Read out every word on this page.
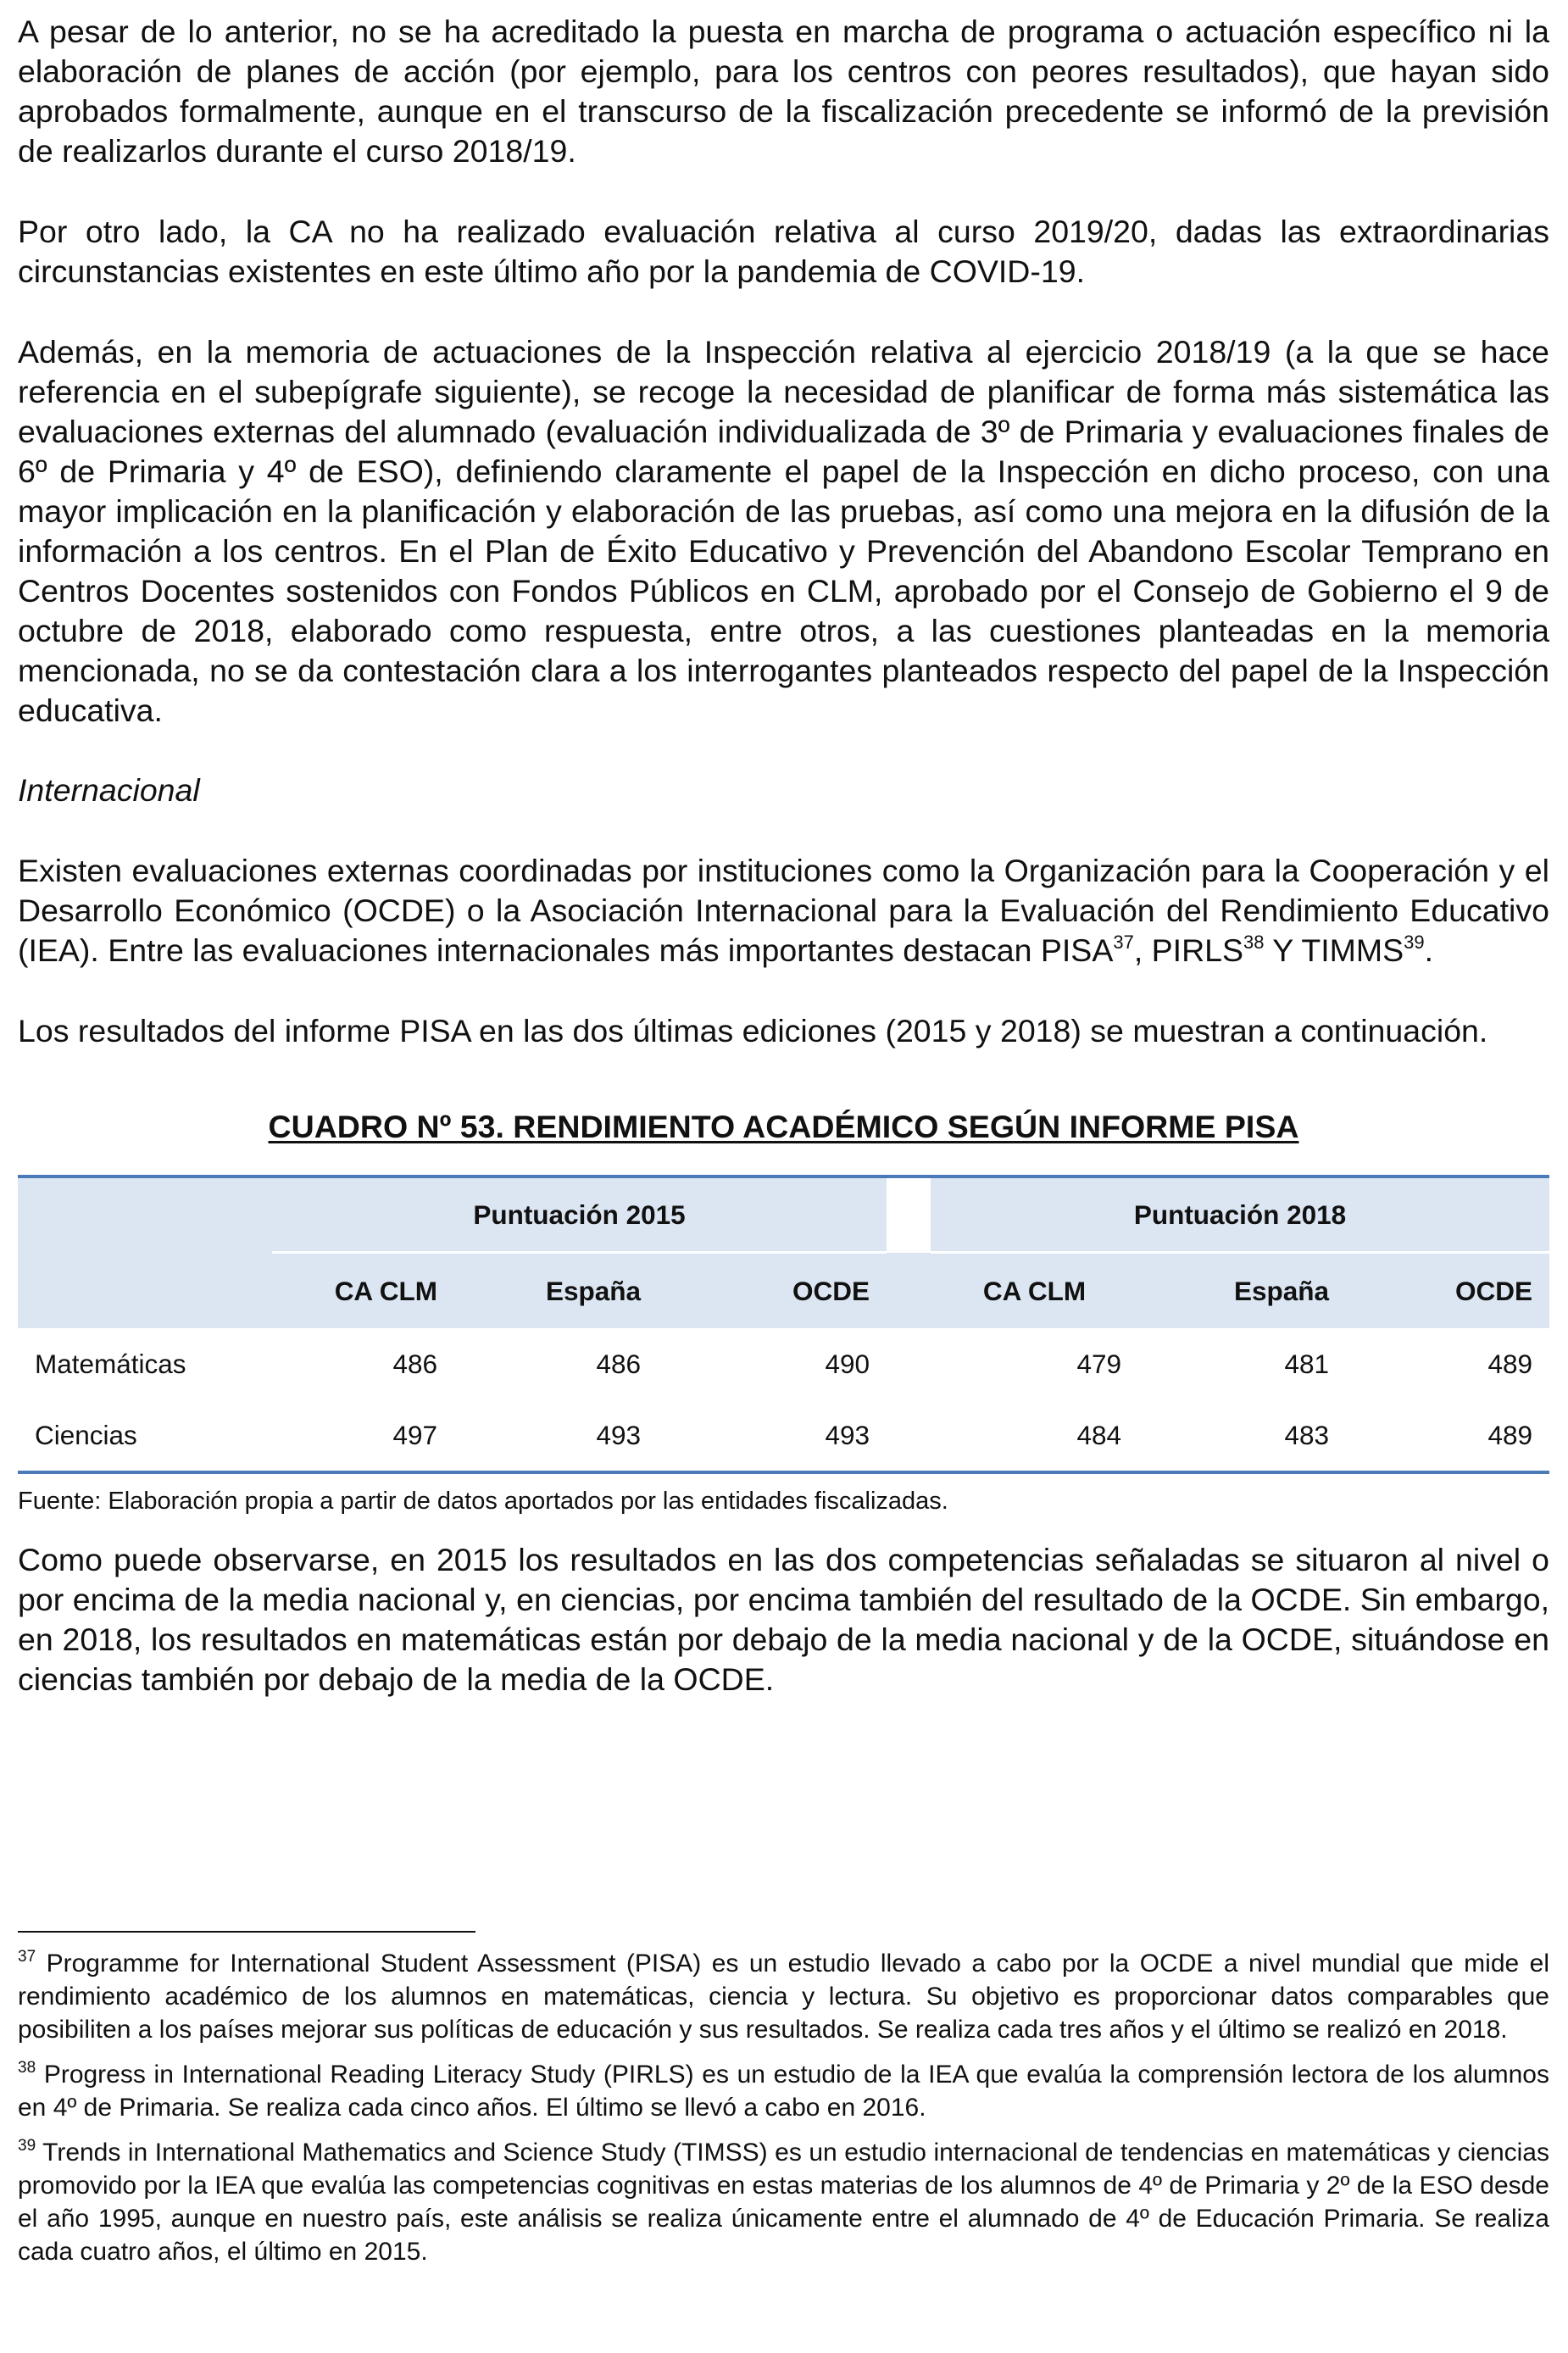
A pesar de lo anterior, no se ha acreditado la puesta en marcha de programa o actuación específico ni la elaboración de planes de acción (por ejemplo, para los centros con peores resultados), que hayan sido aprobados formalmente, aunque en el transcurso de la fiscalización precedente se informó de la previsión de realizarlos durante el curso 2018/19.

Por otro lado, la CA no ha realizado evaluación relativa al curso 2019/20, dadas las extraordinarias circunstancias existentes en este último año por la pandemia de COVID-19.

Además, en la memoria de actuaciones de la Inspección relativa al ejercicio 2018/19 (a la que se hace referencia en el subepígrafe siguiente), se recoge la necesidad de planificar de forma más sistemática las evaluaciones externas del alumnado (evaluación individualizada de 3º de Primaria y evaluaciones finales de 6º de Primaria y 4º de ESO), definiendo claramente el papel de la Inspección en dicho proceso, con una mayor implicación en la planificación y elaboración de las pruebas, así como una mejora en la difusión de la información a los centros. En el Plan de Éxito Educativo y Prevención del Abandono Escolar Temprano en Centros Docentes sostenidos con Fondos Públicos en CLM, aprobado por el Consejo de Gobierno el 9 de octubre de 2018, elaborado como respuesta, entre otros, a las cuestiones planteadas en la memoria mencionada, no se da contestación clara a los interrogantes planteados respecto del papel de la Inspección educativa.

Internacional

Existen evaluaciones externas coordinadas por instituciones como la Organización para la Cooperación y el Desarrollo Económico (OCDE) o la Asociación Internacional para la Evaluación del Rendimiento Educativo (IEA). Entre las evaluaciones internacionales más importantes destacan PISA$^{37}$, PIRLS$^{38}$ Y TIMMS$^{39}$.

Los resultados del informe PISA en las dos últimas ediciones (2015 y 2018) se muestran a continuación.

CUADRO Nº 53. RENDIMIENTO ACADÉMICO SEGÚN INFORME PISA

	Puntuación 2015				Puntuación 2018		
	CA CLM	España	OCDE		CA CLM	España	OCDE
Matemáticas	486	486	490		479	481	489
Ciencias	497	493	493		484	483	489

Fuente: Elaboración propia a partir de datos aportados por las entidades fiscalizadas.

Como puede observarse, en 2015 los resultados en las dos competencias señaladas se situaron al nivel o por encima de la media nacional y, en ciencias, por encima también del resultado de la OCDE. Sin embargo, en 2018, los resultados en matemáticas están por debajo de la media nacional y de la OCDE, situándose en ciencias también por debajo de la media de la OCDE.

$^{37}$ Programme for International Student Assessment (PISA) es un estudio llevado a cabo por la OCDE a nivel mundial que mide el rendimiento académico de los alumnos en matemáticas, ciencia y lectura. Su objetivo es proporcionar datos comparables que posibiliten a los países mejorar sus políticas de educación y sus resultados. Se realiza cada tres años y el último se realizó en 2018.

$^{38}$ Progress in International Reading Literacy Study (PIRLS) es un estudio de la IEA que evalúa la comprensión lectora de los alumnos en 4º de Primaria. Se realiza cada cinco años. El último se llevó a cabo en 2016.

$^{39}$ Trends in International Mathematics and Science Study (TIMSS) es un estudio internacional de tendencias en matemáticas y ciencias promovido por la IEA que evalúa las competencias cognitivas en estas materias de los alumnos de 4º de Primaria y 2º de la ESO desde el año 1995, aunque en nuestro país, este análisis se realiza únicamente entre el alumnado de 4º de Educación Primaria. Se realiza cada cuatro años, el último en 2015.
